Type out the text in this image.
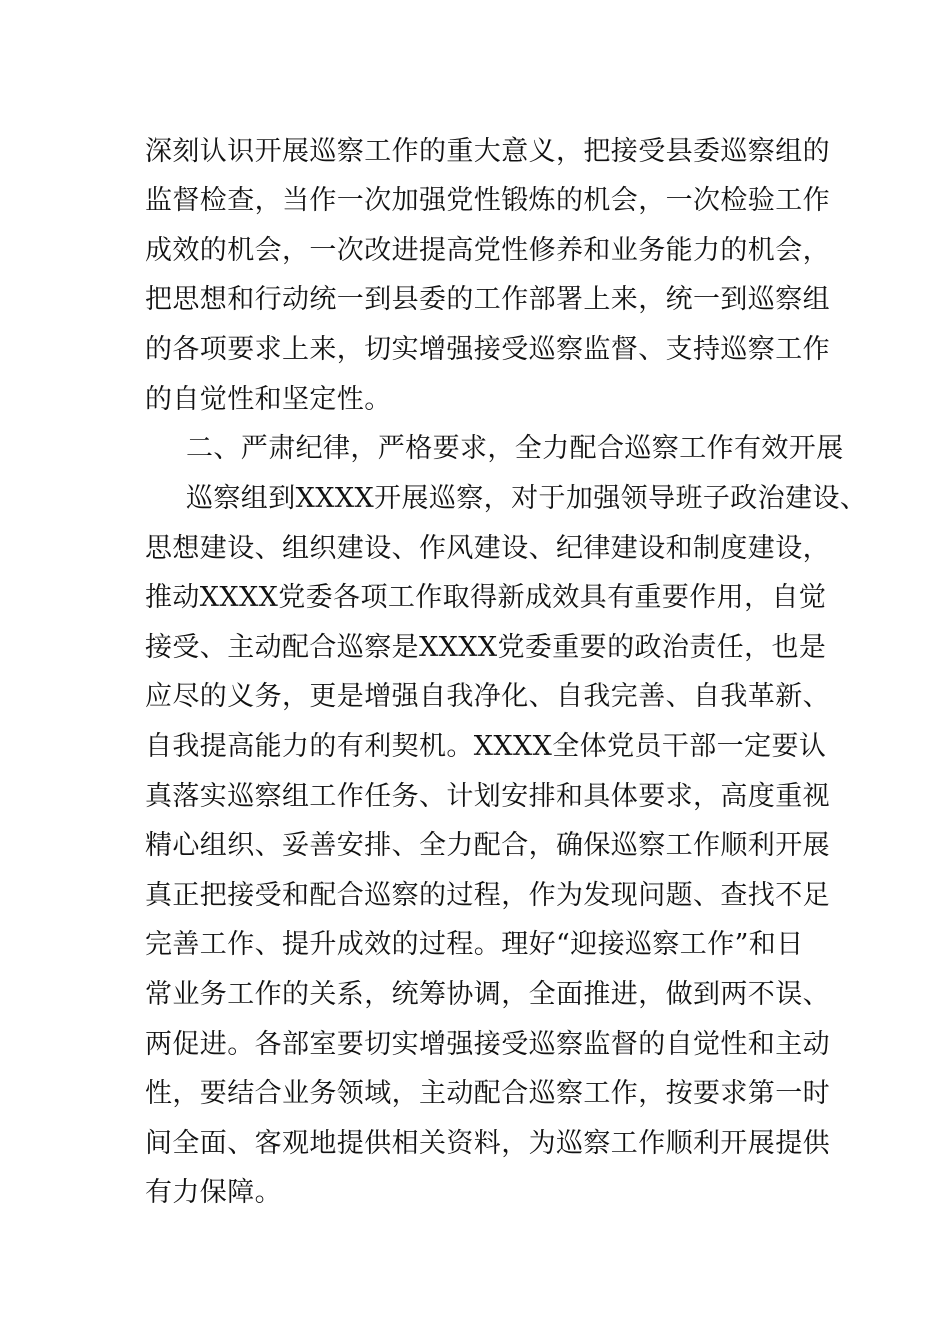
深刻认识开展巡察工作的重大意义，把接受县委巡察组的
监督检查，当作一次加强党性锻炼的机会，一次检验工作
成效的机会，一次改进提高党性修养和业务能力的机会，
把思想和行动统一到县委的工作部署上来，统一到巡察组
的各项要求上来，切实增强接受巡察监督、支持巡察工作
的自觉性和坚定性。
二、严肃纪律，严格要求，全力配合巡察工作有效开展
巡察组到XXXX开展巡察，对于加强领导班子政治建设、
思想建设、组织建设、作风建设、纪律建设和制度建设，
推动XXXX党委各项工作取得新成效具有重要作用，自觉
接受、主动配合巡察是XXXX党委重要的政治责任，也是
应尽的义务，更是增强自我净化、自我完善、自我革新、
自我提高能力的有利契机。XXXX全体党员干部一定要认
真落实巡察组工作任务、计划安排和具体要求，高度重视
精心组织、妥善安排、全力配合，确保巡察工作顺利开展
真正把接受和配合巡察的过程，作为发现问题、查找不足
完善工作、提升成效的过程。理好“迎接巡察工作”和日
常业务工作的关系，统筹协调，全面推进，做到两不误、
两促进。各部室要切实增强接受巡察监督的自觉性和主动
性，要结合业务领域，主动配合巡察工作，按要求第一时
间全面、客观地提供相关资料，为巡察工作顺利开展提供
有力保障。
